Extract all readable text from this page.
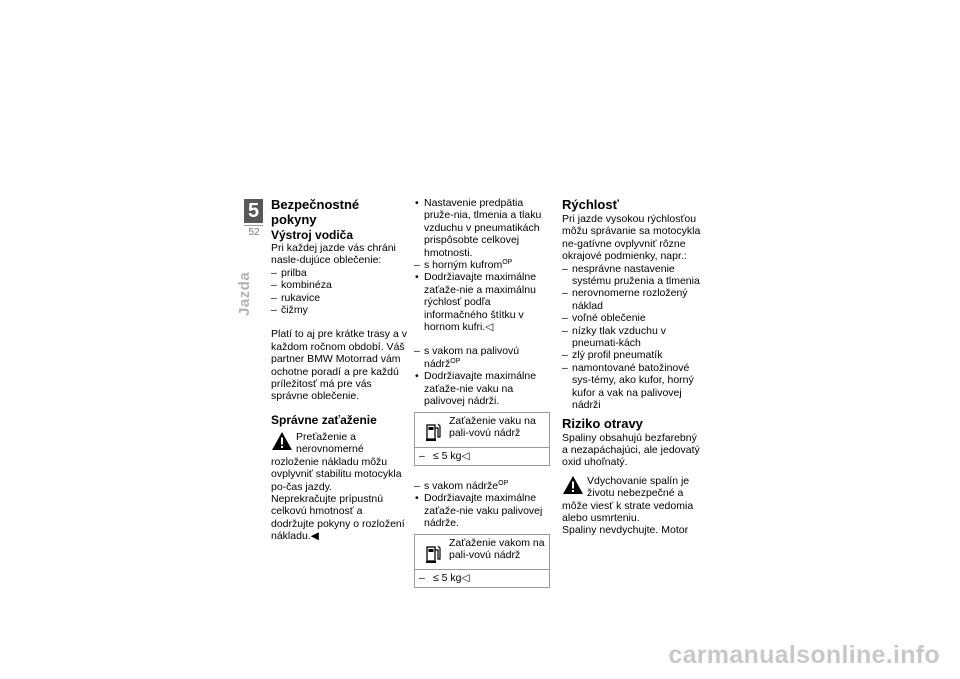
5
52
Jazda
Bezpečnostné pokyny
Výstroj vodiča

Pri každej jazde vás chráni nasle-dujúce oblečenie:

– prilba
– kombinéza
– rukavice
– čižmy

Platí to aj pre krátke trasy a v každom ročnom období. Váš partner BMW Motorrad vám ochotne poradí a pre každú príležitosť má pre vás správne oblečenie.

Správne zaťaženie

Preťaženie a nerovnomerné rozloženie nákladu môžu ovplyvniť stabilitu motocykla po-čas jazdy.

Neprekračujte prípustnú celkovú hmotnosť a dodržujte pokyny o rozložení nákladu.◀

• Nastavenie predpätia pruže-nia, tlmenia a tlaku vzduchu v pneumatikách prispôsobte celkovej hmotnosti.
– s horným kufrom$^{OP}$
• Dodržiavajte maximálne zaťaže-nie a maximálnu rýchlosť podľa informačného štítku v hornom kufri.◁
– s vakom na palivovú nádrž$^{OP}$
• Dodržiavajte maximálne zaťaže-nie vaku na palivovej nádrži.
Zaťaženie vaku na pali-vovú nádrž
– ≤ 5 kg◁
– s vakom nádrže$^{OP}$
• Dodržiavajte maximálne zaťaže-nie vaku palivovej nádrže.
Zaťaženie vakom na pali-vovú nádrž
– ≤ 5 kg◁
Rýchlosť

Pri jazde vysokou rýchlosťou môžu správanie sa motocykla ne-gatívne ovplyvniť rôzne okrajové podmienky, napr.:

– nesprávne nastavenie systému pruženia a tlmenia
– nerovnomerne rozložený náklad
– voľné oblečenie
– nízky tlak vzduchu v pneumati-kách
– zlý profil pneumatík
– namontované batožinové sys-témy, ako kufor, horný kufor a vak na palivovej nádrži
Riziko otravy

Spaliny obsahujú bezfarebný a nezapáchajúci, ale jedovatý oxid uhoľnatý.

Vdychovanie spalín je životu nebezpečné a môže viesť k strate vedomia alebo usmrteniu.

Spaliny nevdychujte. Motor

carmanualsonline.info
